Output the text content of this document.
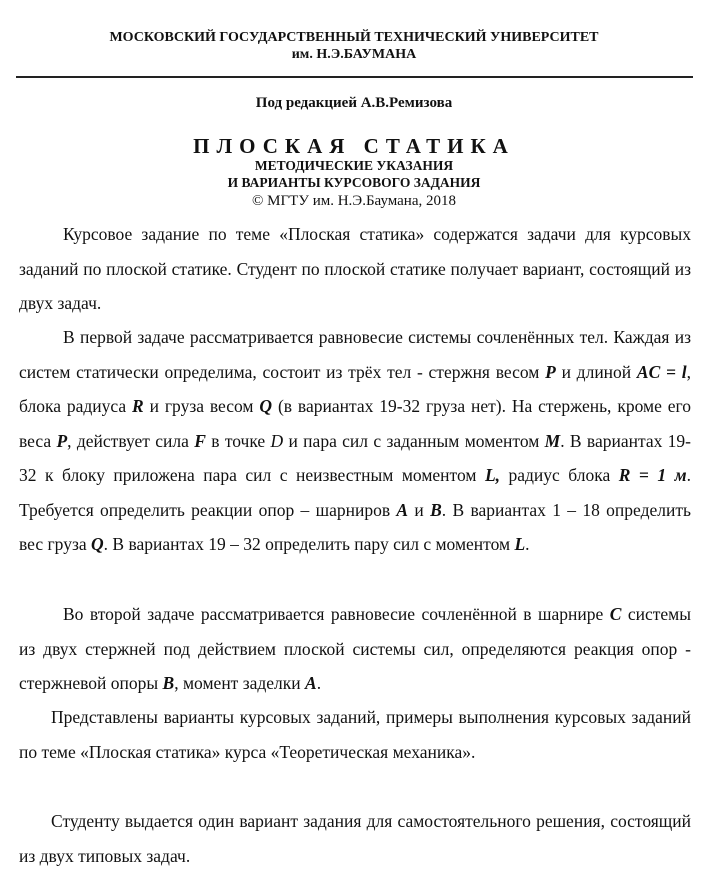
МОСКОВСКИЙ ГОСУДАРСТВЕННЫЙ ТЕХНИЧЕСКИЙ УНИВЕРСИТЕТ
им. Н.Э.БАУМАНА
Под редакцией А.В.Ремизова
ПЛОСКАЯ СТАТИКА
МЕТОДИЧЕСКИЕ УКАЗАНИЯ
И ВАРИАНТЫ КУРСОВОГО ЗАДАНИЯ
© МГТУ им. Н.Э.Баумана, 2018
Курсовое задание по теме «Плоская статика» содержатся задачи для курсовых заданий по плоской статике. Студент по плоской статике получает вариант, состоящий из двух задач.
В первой задаче рассматривается равновесие системы сочленённых тел. Каждая из систем статически определима, состоит из трёх тел - стержня весом P и длиной AC = l, блока радиуса R и груза весом Q (в вариантах 19-32 груза нет). На стержень, кроме его веса P, действует сила F в точке D и пара сил с заданным моментом M. В вариантах 19-32 к блоку приложена пара сил с неизвестным моментом L, радиус блока R = 1 м. Требуется определить реакции опор – шарниров A и B. В вариантах 1 – 18 определить вес груза Q. В вариантах 19 – 32 определить пару сил с моментом L.
Во второй задаче рассматривается равновесие сочленённой в шарнире C системы из двух стержней под действием плоской системы сил, определяются реакция опор - стержневой опоры B, момент заделки A.
Представлены варианты курсовых заданий, примеры выполнения курсовых заданий по теме «Плоская статика» курса «Теоретическая механика».
Студенту выдается один вариант задания для самостоятельного решения, состоящий из двух типовых задач.
